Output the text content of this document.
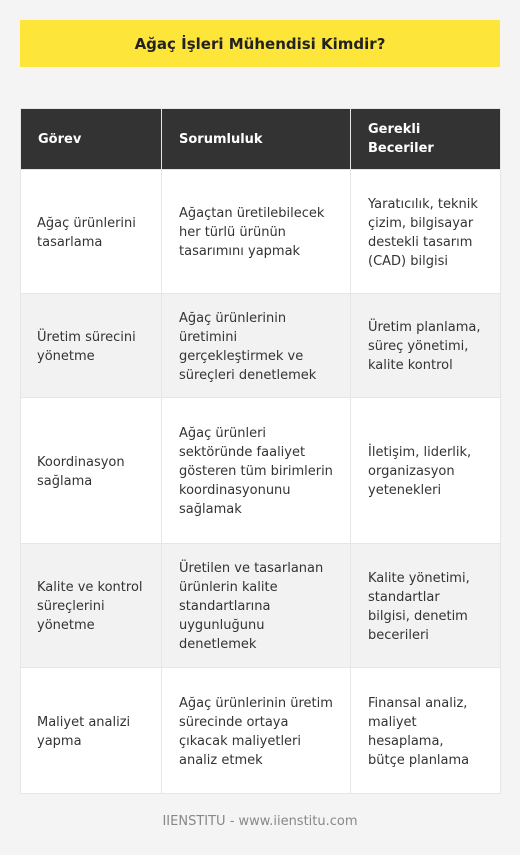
Ağaç İşleri Mühendisi Kimdir?
Görev	Sorumluluk	Gerekli Beceriler
Ağaç ürünlerini tasarlama	Ağaçtan üretilebilecek her türlü ürünün tasarımını yapmak	Yaratıcılık, teknik çizim, bilgisayar destekli tasarım (CAD) bilgisi
Üretim sürecini yönetme	Ağaç ürünlerinin üretimini gerçekleştirmek ve süreçleri denetlemek	Üretim planlama, süreç yönetimi, kalite kontrol
Koordinasyon sağlama	Ağaç ürünleri sektöründe faaliyet gösteren tüm birimlerin koordinasyonunu sağlamak	İletişim, liderlik, organizasyon yetenekleri
Kalite ve kontrol süreçlerini yönetme	Üretilen ve tasarlanan ürünlerin kalite standartlarına uygunluğunu denetlemek	Kalite yönetimi, standartlar bilgisi, denetim becerileri
Maliyet analizi yapma	Ağaç ürünlerinin üretim sürecinde ortaya çıkacak maliyetleri analiz etmek	Finansal analiz, maliyet hesaplama, bütçe planlama
IIENSTITU - www.iienstitu.com
